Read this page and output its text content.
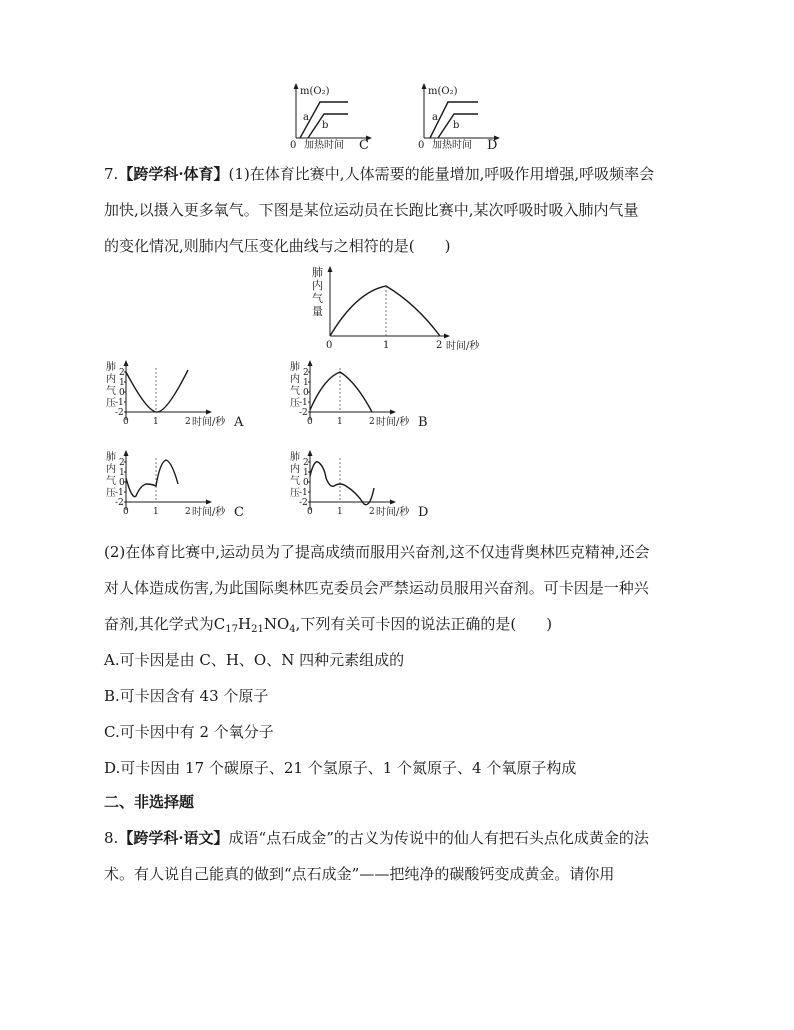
m(O₂)
a
b
0 加热时间 C
m(O₂)
a
b
0 加热时间 D
7.【跨学科·体育】(1)在体育比赛中,人体需要的能量增加,呼吸作用增强,呼吸频率会
加快,以摄入更多氧气。下图是某位运动员在长跑比赛中,某次呼吸时吸入肺内气量
的变化情况,则肺内气压变化曲线与之相符的是(　　)
肺
内
气
量
0	1	2 时间/秒
肺
内
气
压
2
1
0
-1
-2
0	1	2 时间/秒 A
肺
内
气
压
2
1
0
-1
-2
0	1	2 时间/秒 B
肺
内
气
压
2
1
0
-1
-2
0	1	2 时间/秒 C
肺
内
气
压
2
1
0
-1
-2
0	1	2 时间/秒 D
(2)在体育比赛中,运动员为了提高成绩而服用兴奋剂,这不仅违背奥林匹克精神,还会
对人体造成伤害,为此国际奥林匹克委员会严禁运动员服用兴奋剂。可卡因是一种兴
奋剂,其化学式为$C_{17}H_{21}NO_4$,下列有关可卡因的说法正确的是(　　)
A.可卡因是由 C、H、O、N 四种元素组成的
B.可卡因含有 43 个原子
C.可卡因中有 2 个氧分子
D.可卡因由 17 个碳原子、21 个氢原子、1 个氮原子、4 个氧原子构成
二、非选择题
8.【跨学科·语文】成语“点石成金”的古义为传说中的仙人有把石头点化成黄金的法
术。有人说自己能真的做到“点石成金”——把纯净的碳酸钙变成黄金。请你用
